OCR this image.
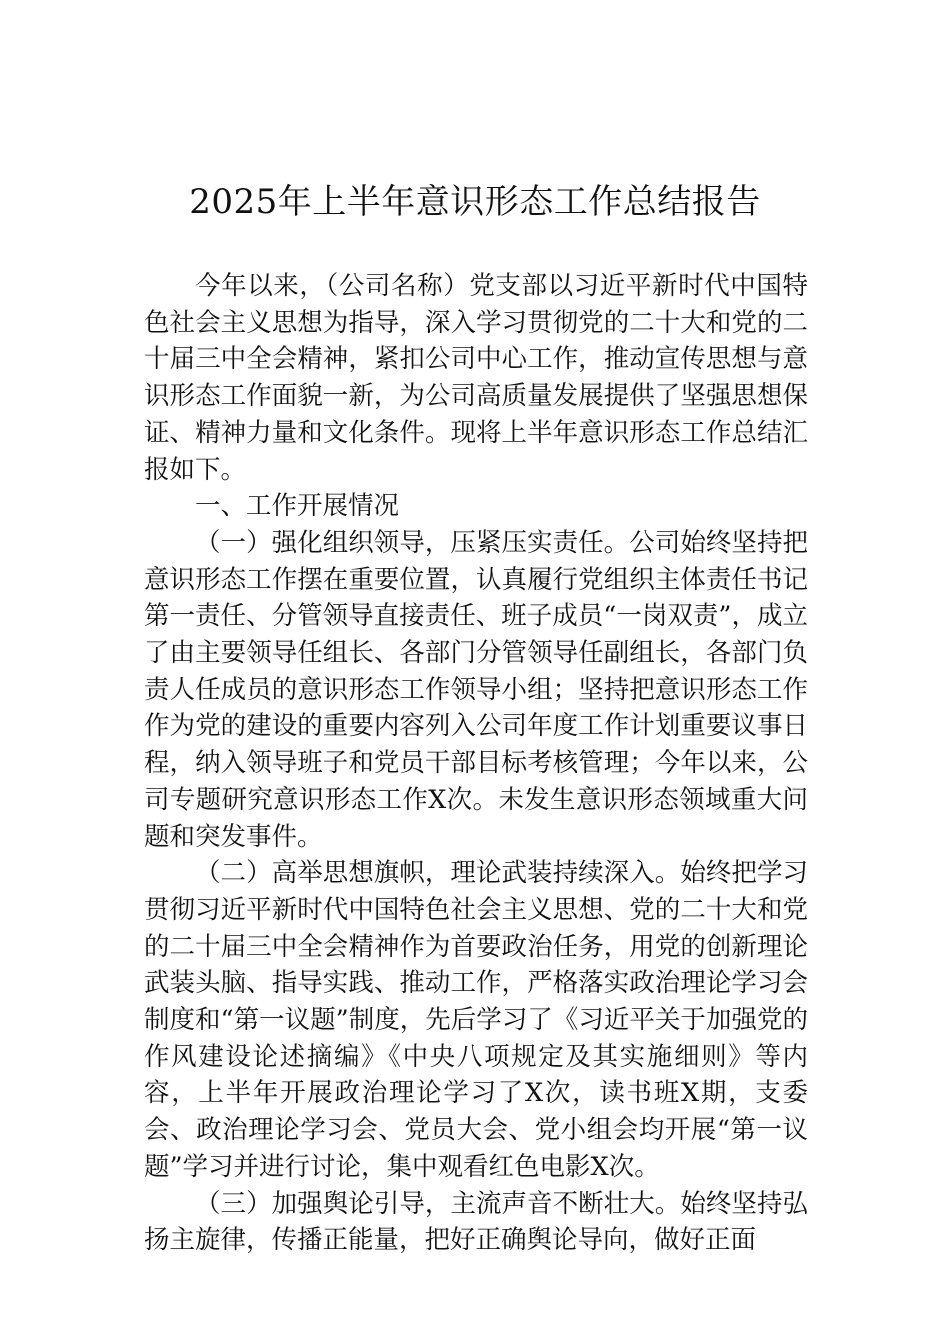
2025年上半年意识形态工作总结报告

今年以来，（公司名称）党支部以习近平新时代中国特色社会主义思想为指导，深入学习贯彻党的二十大和党的二十届三中全会精神，紧扣公司中心工作，推动宣传思想与意识形态工作面貌一新，为公司高质量发展提供了坚强思想保证、精神力量和文化条件。现将上半年意识形态工作总结汇报如下。

一、工作开展情况

（一）强化组织领导，压紧压实责任。公司始终坚持把意识形态工作摆在重要位置，认真履行党组织主体责任书记第一责任、分管领导直接责任、班子成员“一岗双责”，成立了由主要领导任组长、各部门分管领导任副组长，各部门负责人任成员的意识形态工作领导小组；坚持把意识形态工作作为党的建设的重要内容列入公司年度工作计划重要议事日程，纳入领导班子和党员干部目标考核管理；今年以来，公司专题研究意识形态工作X次。未发生意识形态领域重大问题和突发事件。

（二）高举思想旗帜，理论武装持续深入。始终把学习贯彻习近平新时代中国特色社会主义思想、党的二十大和党的二十届三中全会精神作为首要政治任务，用党的创新理论武装头脑、指导实践、推动工作，严格落实政治理论学习会制度和“第一议题”制度，先后学习了《习近平关于加强党的作风建设论述摘编》《中央八项规定及其实施细则》等内容，上半年开展政治理论学习了X次，读书班X期，支委会、政治理论学习会、党员大会、党小组会均开展“第一议题”学习并进行讨论，集中观看红色电影X次。

（三）加强舆论引导，主流声音不断壮大。始终坚持弘扬主旋律，传播正能量，把好正确舆论导向，做好正面
